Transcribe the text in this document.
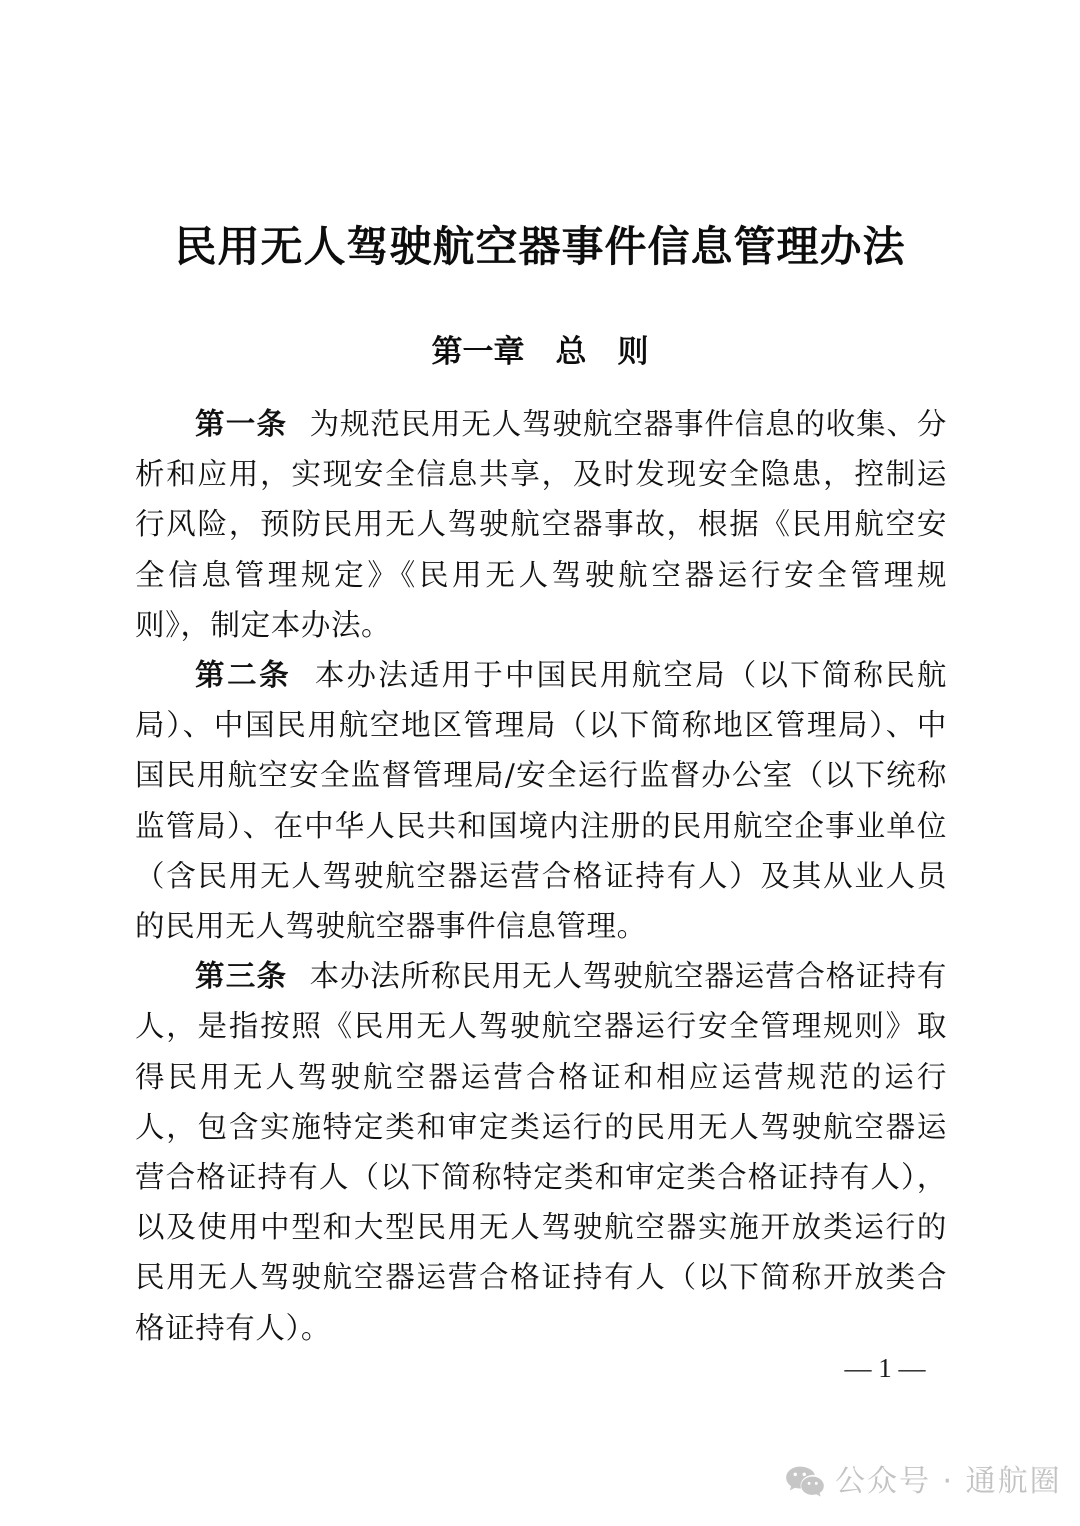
民用无人驾驶航空器事件信息管理办法
第一章　总　则

第一条 为规范民用无人驾驶航空器事件信息的收集、分析和应用，实现安全信息共享，及时发现安全隐患，控制运行风险，预防民用无人驾驶航空器事故，根据《民用航空安全信息管理规定》《民用无人驾驶航空器运行安全管理规则》，制定本办法。

第二条 本办法适用于中国民用航空局（以下简称民航局）、中国民用航空地区管理局（以下简称地区管理局）、中国民用航空安全监督管理局/安全运行监督办公室（以下统称监管局）、在中华人民共和国境内注册的民用航空企事业单位（含民用无人驾驶航空器运营合格证持有人）及其从业人员的民用无人驾驶航空器事件信息管理。

第三条 本办法所称民用无人驾驶航空器运营合格证持有人，是指按照《民用无人驾驶航空器运行安全管理规则》取得民用无人驾驶航空器运营合格证和相应运营规范的运行人，包含实施特定类和审定类运行的民用无人驾驶航空器运营合格证持有人（以下简称特定类和审定类合格证持有人），以及使用中型和大型民用无人驾驶航空器实施开放类运行的民用无人驾驶航空器运营合格证持有人（以下简称开放类合格证持有人）。

— 1 —
公众号 · 通航圈
